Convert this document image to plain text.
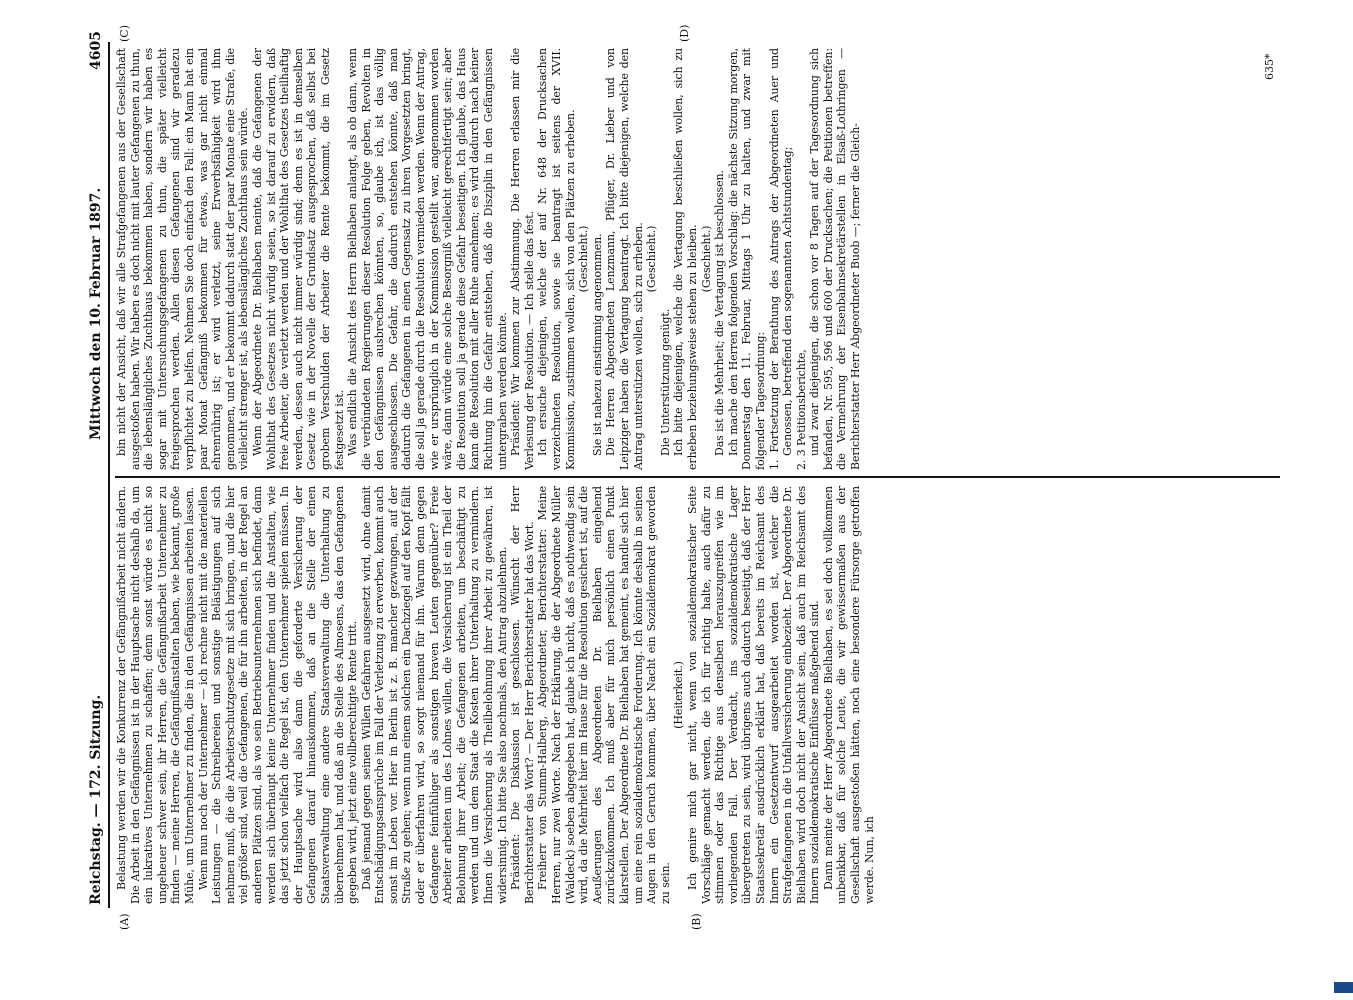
Reichstag. — 172. Sitzung.
Mittwoch den 10. Februar 1897.
4605

Belastung werden wir die Konkurrenz der Gefängnißarbeit nicht ändern. Die Arbeit in den Gefängnissen ist in der Hauptsache nicht deshalb da, um ein lukratives Unternehmen zu schaffen; denn sonst würde es nicht so ungeheuer schwer sein, ihr Herren, die Gefängnißarbeit Unternehmer zu finden — meine Herren, die Gefängnißanstalten haben, wie bekannt, große Mühe, um Unternehmer zu finden, die in den Gefängnissen arbeiten lassen. Wenn nun noch der Unternehmer — ich rechne nicht mit die materiellen Leistungen — die Schreibereien und sonstige Belästigungen auf sich nehmen muß, die die Arbeiterschutzgesetze mit sich bringen, und die hier viel größer sind, weil die Gefangenen, die für ihn arbeiten, in der Regel an anderen Plätzen sind, als wo sein Betriebsunternehmen sich befindet, dann werden sich überhaupt keine Unternehmer finden und die Anstalten, wie das jetzt schon vielfach die Regel ist, den Unternehmer spielen müssen. In der Hauptsache wird also dann die geforderte Versicherung der Gefangenen darauf hinauskommen, daß an die Stelle der einen Staatsverwaltung eine andere Staatsverwaltung die Unterhaltung zu übernehmen hat, und daß an die Stelle des Almosens, das den Gefangenen gegeben wird, jetzt eine vollberechtigte Rente tritt. Daß jemand gegen seinen Willen Gefahren ausgesetzt wird, ohne damit Entschädigungsansprüche im Fall der Verletzung zu erwerben, kommt auch sonst im Leben vor. Hier in Berlin ist z. B. mancher gezwungen, auf der Straße zu gehen; wenn nun einem solchen ein Dachziegel auf den Kopf fällt oder er überfahren wird, so sorgt niemand für ihn. Warum denn gegen Gefangene feinfühliger als sonstigen braven Leuten gegenüber? Freie Arbeiter arbeiten um des Lohnes willen, die Versicherung ist ein Theil der Belohnung ihrer Arbeit; die Gefangenen arbeiten, um beschäftigt zu werden und um dem Staat die Kosten ihrer Unterhaltung zu vermindern. Ihnen die Versicherung als Theilbelohnung ihrer Arbeit zu gewähren, ist widersinnig. Ich bitte Sie also nochmals, den Antrag abzulehnen. Präsident: Die Diskussion ist geschlossen. Wünscht der Herr Berichterstatter das Wort? — Der Herr Berichterstatter hat das Wort. Freiherr von Stumm-Halberg, Abgeordneter, Berichterstatter: Meine Herren, nur zwei Worte. Nach der Erklärung, die der Abgeordnete Müller (Waldeck) soeben abgegeben hat, glaube ich nicht, daß es nothwendig sein wird, da die Mehrheit hier im Hause für die Resolution gesichert ist, auf die Aeußerungen des Abgeordneten Dr. Bielhaben eingehend zurückzukommen. Ich muß aber für mich persönlich einen Punkt klarstellen. Der Abgeordnete Dr. Bielhaben hat gemeint, es handle sich hier um eine rein sozialdemokratische Forderung. Ich könnte deshalb in seinen Augen in den Geruch kommen, über Nacht ein Sozialdemokrat geworden zu sein.

(Heiterkeit.) Ich genire mich gar nicht, wenn von sozialdemokratischer Seite Vorschläge gemacht werden, die ich für richtig halte, auch dafür zu stimmen oder das Richtige aus denselben herauszugreifen wie im vorliegenden Fall. Der Verdacht, ins sozialdemokratische Lager übergetreten zu sein, wird übrigens auch dadurch beseitigt, daß der Herr Staatssekretär ausdrücklich erklärt hat, daß bereits im Reichsamt des Innern ein Gesetzentwurf ausgearbeitet worden ist, welcher die Strafgefangenen in die Unfallversicherung einbezieht. Der Abgeordnete Dr. Bielhaben wird doch nicht der Ansicht sein, daß auch im Reichsamt des Innern sozialdemokratische Einflüsse maßgebend sind. Dann meinte der Herr Abgeordnete Bielhaben, es sei doch vollkommen unbenkbar, daß für solche Leute, die wir gewissermaßen aus der Gesellschaft ausgestoßen hätten, noch eine besondere Fürsorge getroffen werde. Nun, ich

bin nicht der Ansicht, daß wir alle Strafgefangenen aus der Gesellschaft ausgestoßen haben. Wir haben es doch nicht mit lauter Gefangenen zu thun, die lebenslängliches Zuchthaus bekommen haben, sondern wir haben es sogar mit Untersuchungsgefangenen zu thun, die später vielleicht freigesprochen werden. Allen diesen Gefangenen sind wir geradezu verpflichtet zu helfen. Nehmen Sie doch einfach den Fall: ein Mann hat ein paar Monat Gefängniß bekommen für etwas, was gar nicht einmal ehrenrührig ist; er wird verletzt, seine Erwerbsfähigkeit wird ihm genommen, und er bekommt dadurch statt der paar Monate eine Strafe, die vielleicht strenger ist, als lebenslängliches Zuchthaus sein würde. Wenn der Abgeordnete Dr. Bielhaben meinte, daß die Gefangenen der Wohlthat des Gesetzes nicht würdig seien, so ist darauf zu erwidern, daß freie Arbeiter, die verletzt werden und der Wohlthat des Gesetzes theilhaftig werden, dessen auch nicht immer würdig sind; denn es ist in demselben Gesetz wie in der Novelle der Grundsatz ausgesprochen, daß selbst bei grobem Verschulden der Arbeiter die Rente bekommt, die im Gesetz festgesetzt ist. Was endlich die Ansicht des Herrn Bielhaben anlangt, als ob dann, wenn die verbündeten Regierungen dieser Resolution Folge geben, Revolten in den Gefängnissen ausbrechen könnten, so, glaube ich, ist das völlig ausgeschlossen. Die Gefahr, die dadurch entstehen könnte, daß man dadurch die Gefangenen in einen Gegensatz zu ihren Vorgesetzten bringt, die soll ja gerade durch die Resolution vermieden werden. Wenn der Antrag, wie er ursprünglich in der Kommission gestellt war, angenommen worden wäre, dann würde eine solche Besorgniß vielleicht gerechtfertigt sein; aber die Resolution soll ja gerade diese Gefahr beseitigen. Ich glaube, das Haus kann die Resolution mit aller Ruhe annehmen; es wird dadurch nach keiner Richtung hin die Gefahr entstehen, daß die Disziplin in den Gefängnissen untergraben werden könnte. Präsident: Wir kommen zur Abstimmung. Die Herren erlassen mir die Verlesung der Resolution. — Ich stelle das fest. Ich ersuche diejenigen, welche der auf Nr. 648 der Drucksachen verzeichneten Resolution, sowie sie beantragt ist seitens der XVII. Kommission, zustimmen wollen, sich von den Plätzen zu erheben. (Geschieht.) Sie ist nahezu einstimmig angenommen. Die Herren Abgeordneten Lenzmann, Pflüger, Dr. Lieber und von Leipziger haben die Vertagung beantragt. Ich bitte diejenigen, welche den Antrag unterstützen wollen, sich zu erheben. (Geschieht.)

Die Unterstützung genügt. Ich bitte diejenigen, welche die Vertagung beschließen wollen, sich zu erheben beziehungsweise stehen zu bleiben. (Geschieht.) Das ist die Mehrheit; die Vertagung ist beschlossen. Ich mache den Herren folgenden Vorschlag: die nächste Sitzung morgen, Donnerstag den 11. Februar, Mittags 1 Uhr zu halten, und zwar mit folgender Tagesordnung: 1. Fortsetzung der Berathung des Antrags der Abgeordneten Auer und Genossen, betreffend den sogenannten Achtstundentag; 2. 3 Petitionsberichte, und zwar diejenigen, die schon vor 8 Tagen auf der Tagesordnung sich befanden, Nr. 595, 596 und 600 der Drucksachen; die Petitionen betreffen: die Vermehrung der Eisenbahnsekretärstellen in Elsaß-Lothringen — Berichterstatter Herr Abgeordneter Buob —; ferner die Gleich-

(A)	(B)
(C)	(D)
635*
